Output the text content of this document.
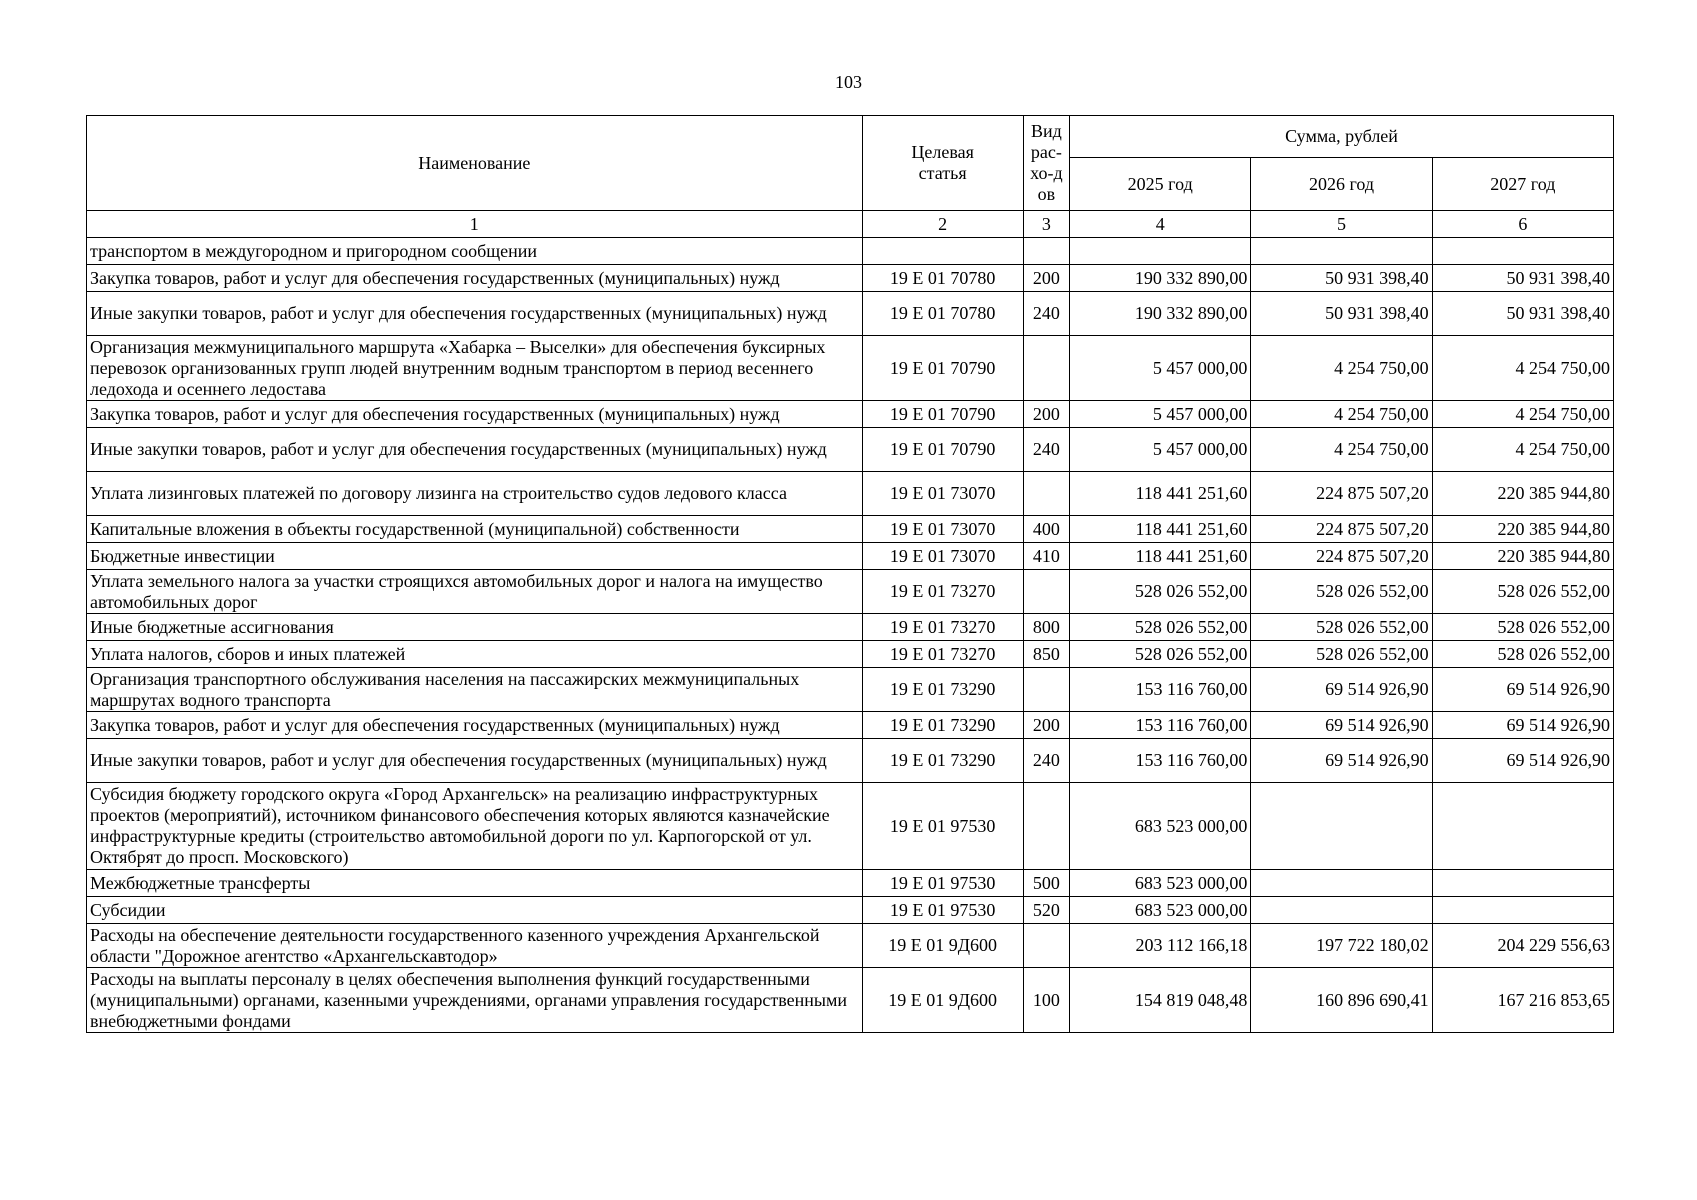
103
Наименование	Целевая статья	Вид рас-хо-дов	Сумма, рублей		
			2025 год	2026 год	2027 год
1	2	3	4	5	6
транспортом в междугородном и пригородном сообщении					
Закупка товаров, работ и услуг для обеспечения государственных (муниципальных) нужд	19 Е 01 70780	200	190 332 890,00	50 931 398,40	50 931 398,40
Иные закупки товаров, работ и услуг для обеспечения государственных (муниципальных) нужд	19 Е 01 70780	240	190 332 890,00	50 931 398,40	50 931 398,40
Организация межмуниципального маршрута «Хабарка – Выселки» для обеспечения буксирных перевозок организованных групп людей внутренним водным транспортом в период весеннего ледохода и осеннего ледостава	19 Е 01 70790		5 457 000,00	4 254 750,00	4 254 750,00
Закупка товаров, работ и услуг для обеспечения государственных (муниципальных) нужд	19 Е 01 70790	200	5 457 000,00	4 254 750,00	4 254 750,00
Иные закупки товаров, работ и услуг для обеспечения государственных (муниципальных) нужд	19 Е 01 70790	240	5 457 000,00	4 254 750,00	4 254 750,00
Уплата лизинговых платежей по договору лизинга на строительство судов ледового класса	19 Е 01 73070		118 441 251,60	224 875 507,20	220 385 944,80
Капитальные вложения в объекты государственной (муниципальной) собственности	19 Е 01 73070	400	118 441 251,60	224 875 507,20	220 385 944,80
Бюджетные инвестиции	19 Е 01 73070	410	118 441 251,60	224 875 507,20	220 385 944,80
Уплата земельного налога за участки строящихся автомобильных дорог и налога на имущество автомобильных дорог	19 Е 01 73270		528 026 552,00	528 026 552,00	528 026 552,00
Иные бюджетные ассигнования	19 Е 01 73270	800	528 026 552,00	528 026 552,00	528 026 552,00
Уплата налогов, сборов и иных платежей	19 Е 01 73270	850	528 026 552,00	528 026 552,00	528 026 552,00
Организация транспортного обслуживания населения на пассажирских межмуниципальных маршрутах водного транспорта	19 Е 01 73290		153 116 760,00	69 514 926,90	69 514 926,90
Закупка товаров, работ и услуг для обеспечения государственных (муниципальных) нужд	19 Е 01 73290	200	153 116 760,00	69 514 926,90	69 514 926,90
Иные закупки товаров, работ и услуг для обеспечения государственных (муниципальных) нужд	19 Е 01 73290	240	153 116 760,00	69 514 926,90	69 514 926,90
Субсидия бюджету городского округа «Город Архангельск» на реализацию инфраструктурных проектов (мероприятий), источником финансового обеспечения которых являются казначейские инфраструктурные кредиты (строительство автомобильной дороги по ул. Карпогорской от ул. Октябрят до просп. Московского)	19 Е 01 97530		683 523 000,00		
Межбюджетные трансферты	19 Е 01 97530	500	683 523 000,00		
Субсидии	19 Е 01 97530	520	683 523 000,00		
Расходы на обеспечение деятельности государственного казенного учреждения Архангельской области "Дорожное агентство «Архангельскавтодор»	19 Е 01 9Д600		203 112 166,18	197 722 180,02	204 229 556,63
Расходы на выплаты персоналу в целях обеспечения выполнения функций государственными (муниципальными) органами, казенными учреждениями, органами управления государственными внебюджетными фондами	19 Е 01 9Д600	100	154 819 048,48	160 896 690,41	167 216 853,65
